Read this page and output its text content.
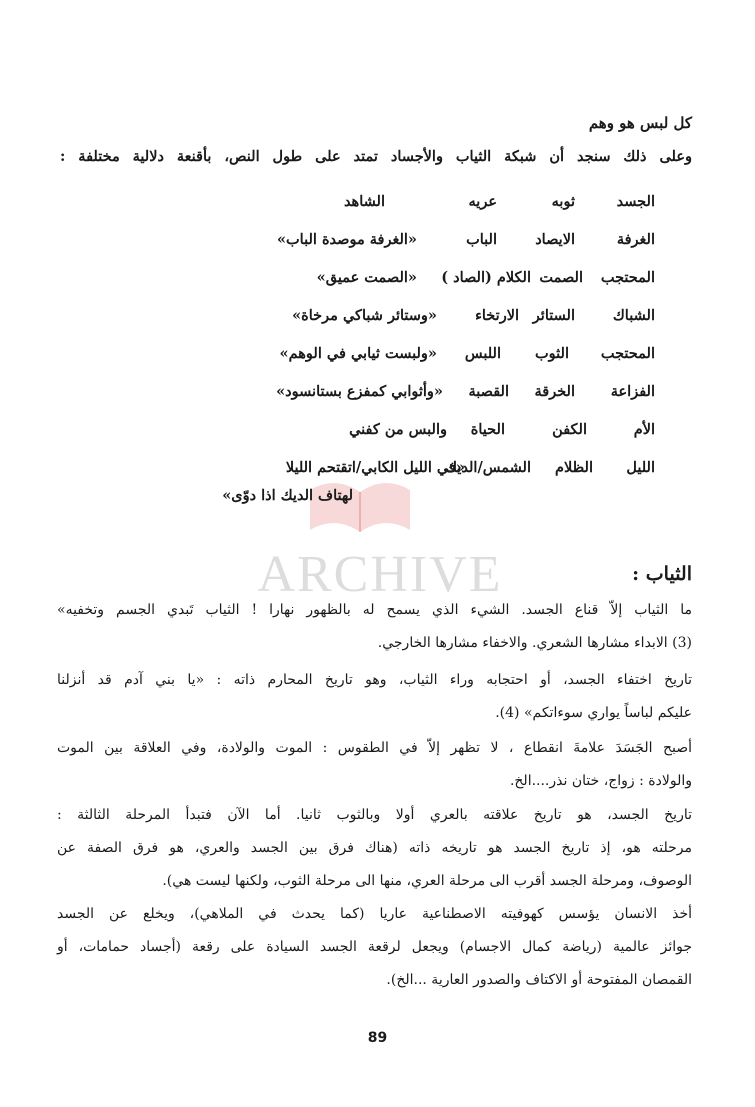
ARCHIVE
كل لبس هو وهم
وعلى ذلك سنجد أن شبكة الثياب والأجساد تمتد على طول النص، بأقنعة دلالية مختلفة :
الجسد
ثوبه
عريه
الشاهد
الغرفة
الايصاد
الباب
«الغرفة موصدة الباب»
المحتجب
الصمت
الكلام (الصاد )
«الصمت عميق»
الشباك
الستائر
الارتخاء
«وستائر شباكي مرخاة»
المحتجب
الثوب
اللبس
«ولبست ثيابي في الوهم»
الفزاعة
الخرقة
القصبة
«وأثوابي كمفزع بستانسود»
الأم
الكفن
الحياة
والبس من كفني
الليل
الظلام
الشمس/الديك
«في الليل الكابي/اتقتحم الليلا
لهتاف الديك اذا دوّى»
الثياب :

ما الثياب إلاّ قناع الجسد. الشيء الذي يسمح له بالظهور نهارا ! الثياب تَبدي الجسم وتخفيه»

(3) الابداء مشارها الشعري. والاخفاء مشارها الخارجي.

تاريخ اختفاء الجسد، أو احتجابه وراء الثياب، وهو تاريخ المحارم ذاته : «يا بني آدم قد أنزلنا

عليكم لباساً يواري سوءاتكم» (4).

أصبح الجَسَدَ علامةَ انقطاع ، لا تظهر إلاّ في الطقوس : الموت والولادة، وفي العلاقة بين الموت

والولادة : زواج، ختان نذر....الخ.

تاريخ الجسد، هو تاريخ علاقته بالعري أولا وبالثوب ثانيا. أما الآن فتبدأ المرحلة الثالثة :

مرحلته هو، إذ تاريخ الجسد هو تاريخه ذاته (هناك فرق بين الجسد والعري، هو فرق الصفة عن

الوصوف، ومرحلة الجسد أقرب الى مرحلة العري، منها الى مرحلة الثوب، ولكنها ليست هي).

أخذ الانسان يؤسس كهوفيته الاصطناعية عاريا (كما يحدث في الملاهي)، ويخلع عن الجسد

جوائز عالمية (رياضة كمال الاجسام) ويجعل لرقعة الجسد السيادة على رقعة (أجساد حمامات، أو

القمصان المفتوحة أو الاكتاف والصدور العارية ...الخ).

89
